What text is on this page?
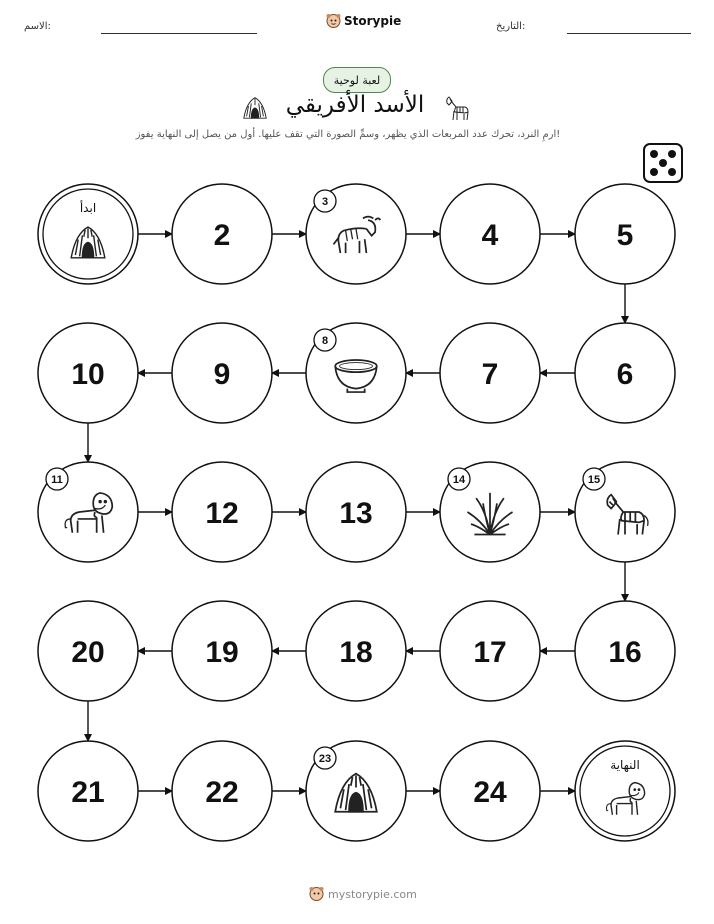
الاسم:	Storypie	التاريخ:
لعبة لوحية
الأسد الأفريقي
ارمِ النرد، تحرك عدد المربعات الذي يظهر، وسمِّ الصورة التي تقف عليها. أول من يصل إلى النهاية يفوز!
ابدأ
2
3
4	5
6
7
8
9
10
11
12	13
14	15
16
17
18
19
20
21	22
23
24
النهاية
mystorypie.com
